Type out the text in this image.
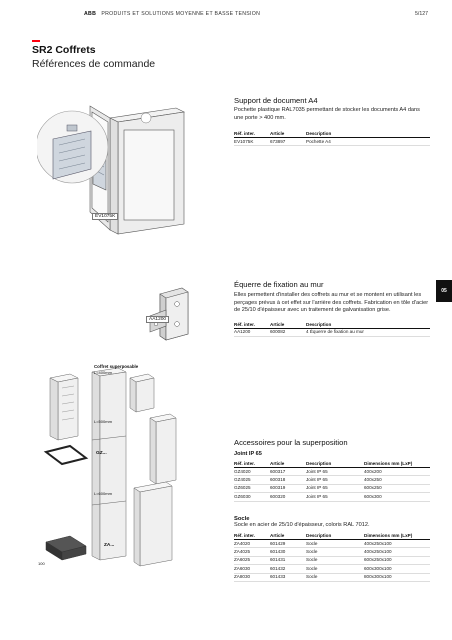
ABB PRODUITS ET SOLUTIONS MOYENNE ET BASSE TENSION	5/127
SR2 Coffrets
Références de commande
05
EV1075K
Support de document A4

Pochette plastique RAL7035 permettant de stocker les documents A4 dans une porte > 400 mm.

Réf. inter.	Article	Description
EV1075K	673897	Pochette A4
AA1200
Équerre de fixation au mur

Elles permettent d'installer des coffrets au mur et se montent en utilisant les perçages prévus à cet effet sur l'arrière des coffrets. Fabrication en tôle d'acier de 25/10 d'épaisseur avec un traitement de galvanisation grise.

Réf. inter.	Article	Description
AA1200	600082	4 Équerre de fixation au mur
Coffret superposable
L=400mm
L=500mm
L=600mm
GZ...
ZA...
100
Accessoires pour la superposition
Joint IP 65
Réf. inter.	Article	Description	Dimensions mm (LxP)
GZ4020	600317	Joint IP 65	400x200
GZ4025	600318	Joint IP 65	400x250
GZ6025	600319	Joint IP 65	600x250
GZ6030	600320	Joint IP 65	600x300
Socle

Socle en acier de 25/10 d'épaisseur, coloris RAL 7012.

Réf. inter.	Article	Description	Dimensions mm (LxP)
ZA4020	601429	Socle	400x250x100
ZA4025	601430	Socle	400x250x100
ZA6025	601431	Socle	600x250x100
ZA6030	601432	Socle	600x300x100
ZA8030	601433	Socle	800x300x100
